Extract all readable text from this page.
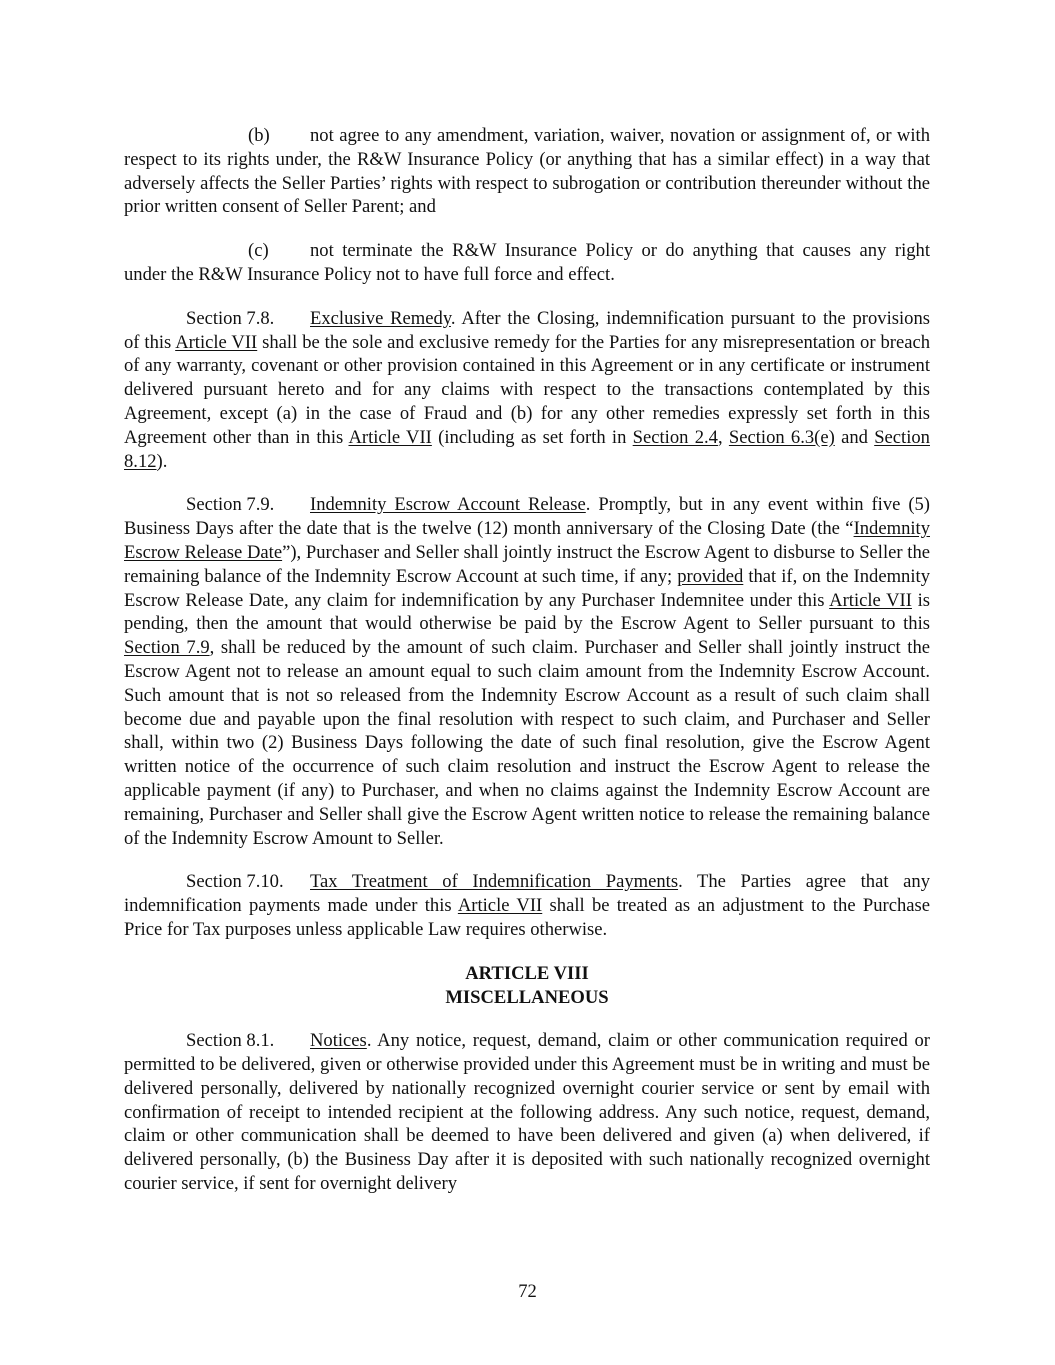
(b) not agree to any amendment, variation, waiver, novation or assignment of, or with respect to its rights under, the R&W Insurance Policy (or anything that has a similar effect) in a way that adversely affects the Seller Parties’ rights with respect to subrogation or contribution thereunder without the prior written consent of Seller Parent; and

(c) not terminate the R&W Insurance Policy or do anything that causes any right under the R&W Insurance Policy not to have full force and effect.

Section 7.8. Exclusive Remedy. After the Closing, indemnification pursuant to the provisions of this Article VII shall be the sole and exclusive remedy for the Parties for any misrepresentation or breach of any warranty, covenant or other provision contained in this Agreement or in any certificate or instrument delivered pursuant hereto and for any claims with respect to the transactions contemplated by this Agreement, except (a) in the case of Fraud and (b) for any other remedies expressly set forth in this Agreement other than in this Article VII (including as set forth in Section 2.4, Section 6.3(e) and Section 8.12).

Section 7.9. Indemnity Escrow Account Release. Promptly, but in any event within five (5) Business Days after the date that is the twelve (12) month anniversary of the Closing Date (the “Indemnity Escrow Release Date”), Purchaser and Seller shall jointly instruct the Escrow Agent to disburse to Seller the remaining balance of the Indemnity Escrow Account at such time, if any; provided that if, on the Indemnity Escrow Release Date, any claim for indemnification by any Purchaser Indemnitee under this Article VII is pending, then the amount that would otherwise be paid by the Escrow Agent to Seller pursuant to this Section 7.9, shall be reduced by the amount of such claim. Purchaser and Seller shall jointly instruct the Escrow Agent not to release an amount equal to such claim amount from the Indemnity Escrow Account. Such amount that is not so released from the Indemnity Escrow Account as a result of such claim shall become due and payable upon the final resolution with respect to such claim, and Purchaser and Seller shall, within two (2) Business Days following the date of such final resolution, give the Escrow Agent written notice of the occurrence of such claim resolution and instruct the Escrow Agent to release the applicable payment (if any) to Purchaser, and when no claims against the Indemnity Escrow Account are remaining, Purchaser and Seller shall give the Escrow Agent written notice to release the remaining balance of the Indemnity Escrow Amount to Seller.

Section 7.10. Tax Treatment of Indemnification Payments. The Parties agree that any indemnification payments made under this Article VII shall be treated as an adjustment to the Purchase Price for Tax purposes unless applicable Law requires otherwise.

ARTICLE VIII
MISCELLANEOUS

Section 8.1. Notices. Any notice, request, demand, claim or other communication required or permitted to be delivered, given or otherwise provided under this Agreement must be in writing and must be delivered personally, delivered by nationally recognized overnight courier service or sent by email with confirmation of receipt to intended recipient at the following address. Any such notice, request, demand, claim or other communication shall be deemed to have been delivered and given (a) when delivered, if delivered personally, (b) the Business Day after it is deposited with such nationally recognized overnight courier service, if sent for overnight delivery

72
